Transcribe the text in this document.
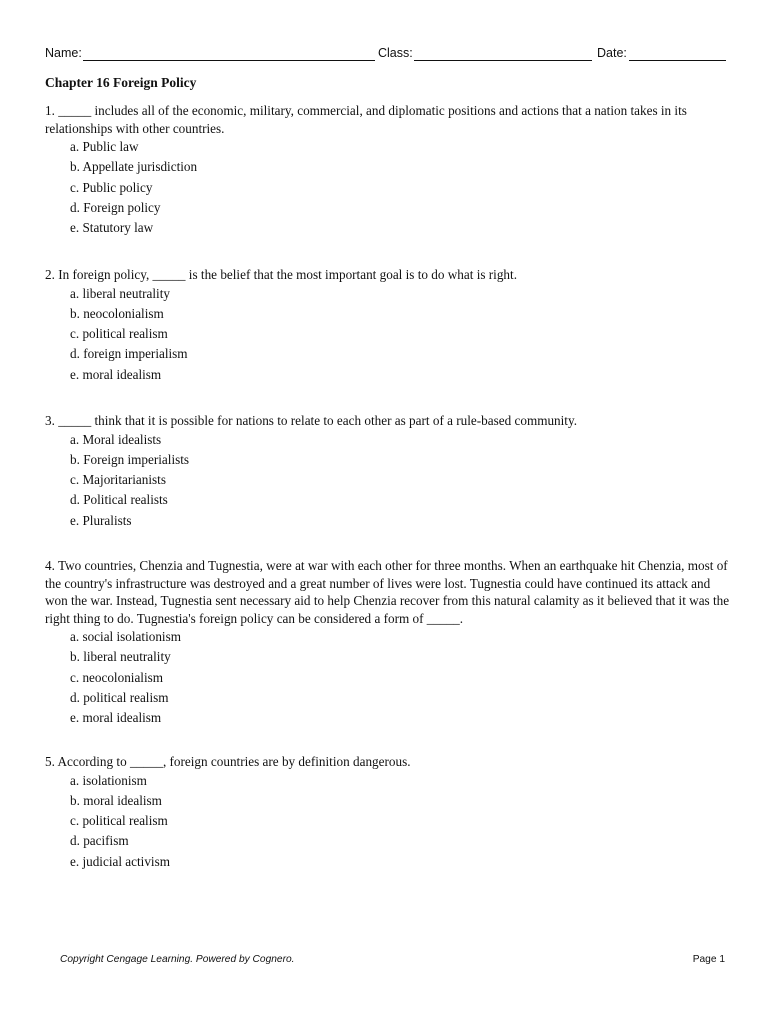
Name:	Class:	Date:
Chapter 16 Foreign Policy

1. _____ includes all of the economic, military, commercial, and diplomatic positions and actions that a nation takes in its relationships with other countries.

a. Public law
b. Appellate jurisdiction
c. Public policy
d. Foreign policy
e. Statutory law

2. In foreign policy, _____ is the belief that the most important goal is to do what is right.

a. liberal neutrality
b. neocolonialism
c. political realism
d. foreign imperialism
e. moral idealism

3. _____ think that it is possible for nations to relate to each other as part of a rule-based community.

a. Moral idealists
b. Foreign imperialists
c. Majoritarianists
d. Political realists
e. Pluralists

4. Two countries, Chenzia and Tugnestia, were at war with each other for three months. When an earthquake hit Chenzia, most of the country's infrastructure was destroyed and a great number of lives were lost. Tugnestia could have continued its attack and won the war. Instead, Tugnestia sent necessary aid to help Chenzia recover from this natural calamity as it believed that it was the right thing to do. Tugnestia's foreign policy can be considered a form of _____.

a. social isolationism
b. liberal neutrality
c. neocolonialism
d. political realism
e. moral idealism

5. According to _____, foreign countries are by definition dangerous.

a. isolationism
b. moral idealism
c. political realism
d. pacifism
e. judicial activism
Copyright Cengage Learning. Powered by Cognero.	Page 1
